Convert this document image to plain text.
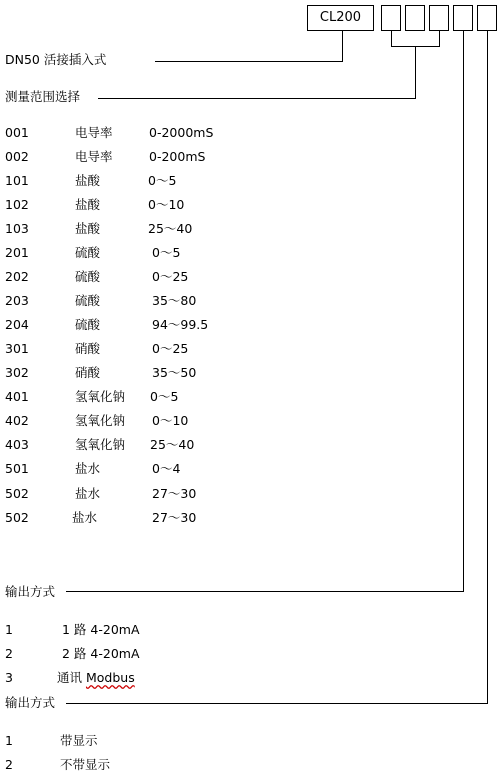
CL200
DN50 活接插入式
测量范围选择
001	电导率	0-2000mS
002	电导率	0-200mS
101	盐酸	0～5
102	盐酸	0～10
103	盐酸	25～40
201	硫酸	0～5
202	硫酸	0～25
203	硫酸	35～80
204	硫酸	94～99.5
301	硝酸	0～25
302	硝酸	35～50
401	氢氧化钠 0～5
402	氢氧化钠 0～10
403	氢氧化钠 25～40
501	盐水	0～4
502	盐水	27～30
502	盐水	27～30
输出方式
1	1 路 4-20mA
2	2 路 4-20mA
3	通讯 Modbus
输出方式
1	带显示
2	不带显示
